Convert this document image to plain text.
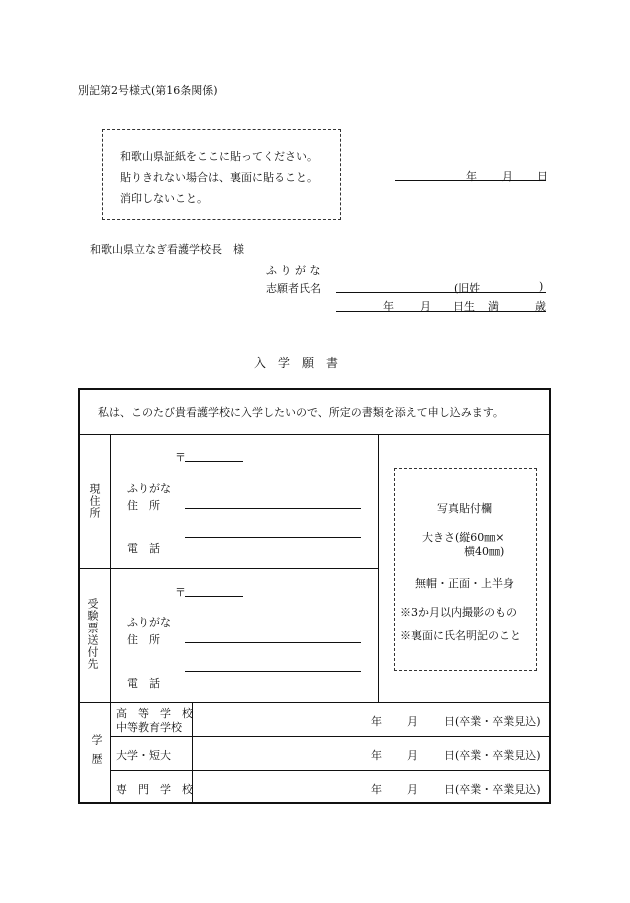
別記第2号様式(第16条関係)
和歌山県証紙をここに貼ってください。
貼りきれない場合は、裏面に貼ること。
消印しないこと。
年 月 日
和歌山県立なぎ看護学校長　様
ふ り が な
志願者氏名	(旧姓	)
年 月 日生 満	歳
入　学　願　書
私は、このたび貴看護学校に入学したいので、所定の書類を添えて申し込みます。
現住所
〒
ふりがな
住　所
電　話
受験票送付先
〒
ふりがな
住　所
電　話
写真貼付欄
大きさ(縦60㎜×
横40㎜)
無帽・正面・上半身
※3か月以内撮影のもの
※裏面に氏名明記のこと
学歴
高　等　学　校
中等教育学校	年 月 日(卒業・卒業見込)
大学・短大	年 月 日(卒業・卒業見込)
専　門　学　校	年 月 日(卒業・卒業見込)
